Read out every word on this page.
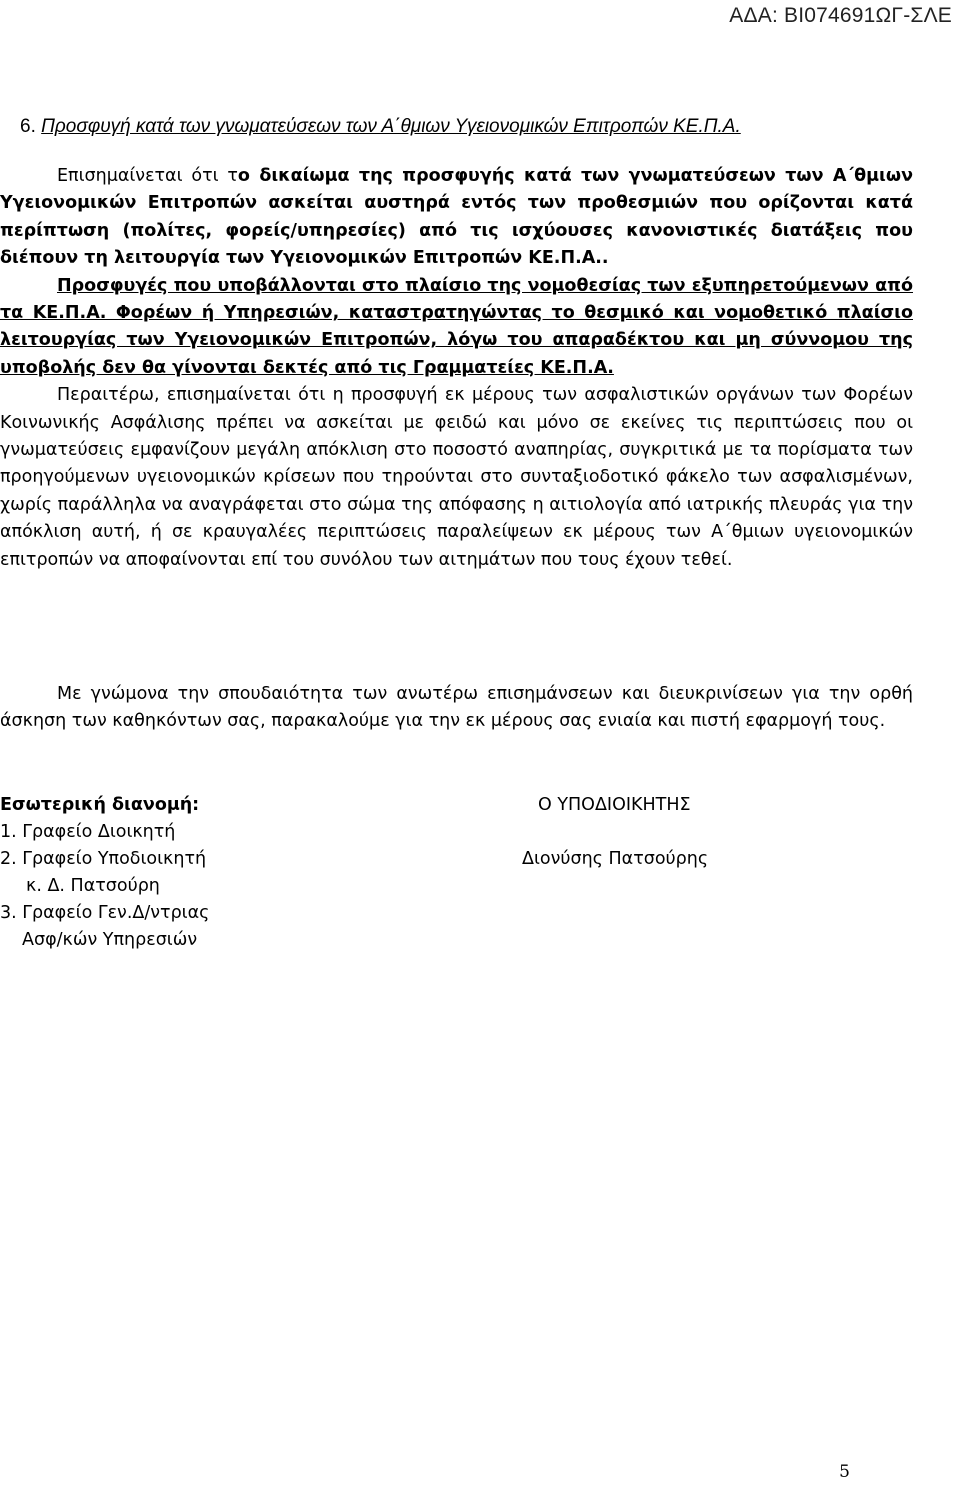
ΑΔΑ: ΒΙ074691ΩΓ-ΣΛΕ
6. Προσφυγή κατά των γνωματεύσεων των Α΄θμιων Υγειονομικών Επιτροπών ΚΕ.Π.Α.

Επισημαίνεται ότι το δικαίωμα της προσφυγής κατά των γνωματεύσεων των Α΄θμιων Υγειονομικών Επιτροπών ασκείται αυστηρά εντός των προθεσμιών που ορίζονται κατά περίπτωση (πολίτες, φορείς/υπηρεσίες) από τις ισχύουσες κανονιστικές διατάξεις που διέπουν τη λειτουργία των Υγειονομικών Επιτροπών ΚΕ.Π.Α..

Προσφυγές που υποβάλλονται στο πλαίσιο της νομοθεσίας των εξυπηρετούμενων από τα ΚΕ.Π.Α. Φορέων ή Υπηρεσιών, καταστρατηγώντας το θεσμικό και νομοθετικό πλαίσιο λειτουργίας των Υγειονομικών Επιτροπών, λόγω του απαραδέκτου και μη σύννομου της υποβολής δεν θα γίνονται δεκτές από τις Γραμματείες ΚΕ.Π.Α.

Περαιτέρω, επισημαίνεται ότι η προσφυγή εκ μέρους των ασφαλιστικών οργάνων των Φορέων Κοινωνικής Ασφάλισης πρέπει να ασκείται με φειδώ και μόνο σε εκείνες τις περιπτώσεις που οι γνωματεύσεις εμφανίζουν μεγάλη απόκλιση στο ποσοστό αναπηρίας, συγκριτικά με τα πορίσματα των προηγούμενων υγειονομικών κρίσεων που τηρούνται στο συνταξιοδοτικό φάκελο των ασφαλισμένων, χωρίς παράλληλα να αναγράφεται στο σώμα της απόφασης η αιτιολογία από ιατρικής πλευράς για την απόκλιση αυτή, ή σε κραυγαλέες περιπτώσεις παραλείψεων εκ μέρους των Α΄θμιων υγειονομικών επιτροπών να αποφαίνονται επί του συνόλου των αιτημάτων που τους έχουν τεθεί.

Με γνώμονα την σπουδαιότητα των ανωτέρω επισημάνσεων και διευκρινίσεων για την ορθή άσκηση των καθηκόντων σας, παρακαλούμε για την εκ μέρους σας ενιαία και πιστή εφαρμογή τους.

Εσωτερική διανομή:
1. Γραφείο Διοικητή
2. Γραφείο Υποδιοικητή
κ. Δ. Πατσούρη
3. Γραφείο Γεν.Δ/ντριας
Ασφ/κών Υπηρεσιών
Ο ΥΠΟΔΙΟΙΚΗΤΗΣ
Διονύσης Πατσούρης
5
